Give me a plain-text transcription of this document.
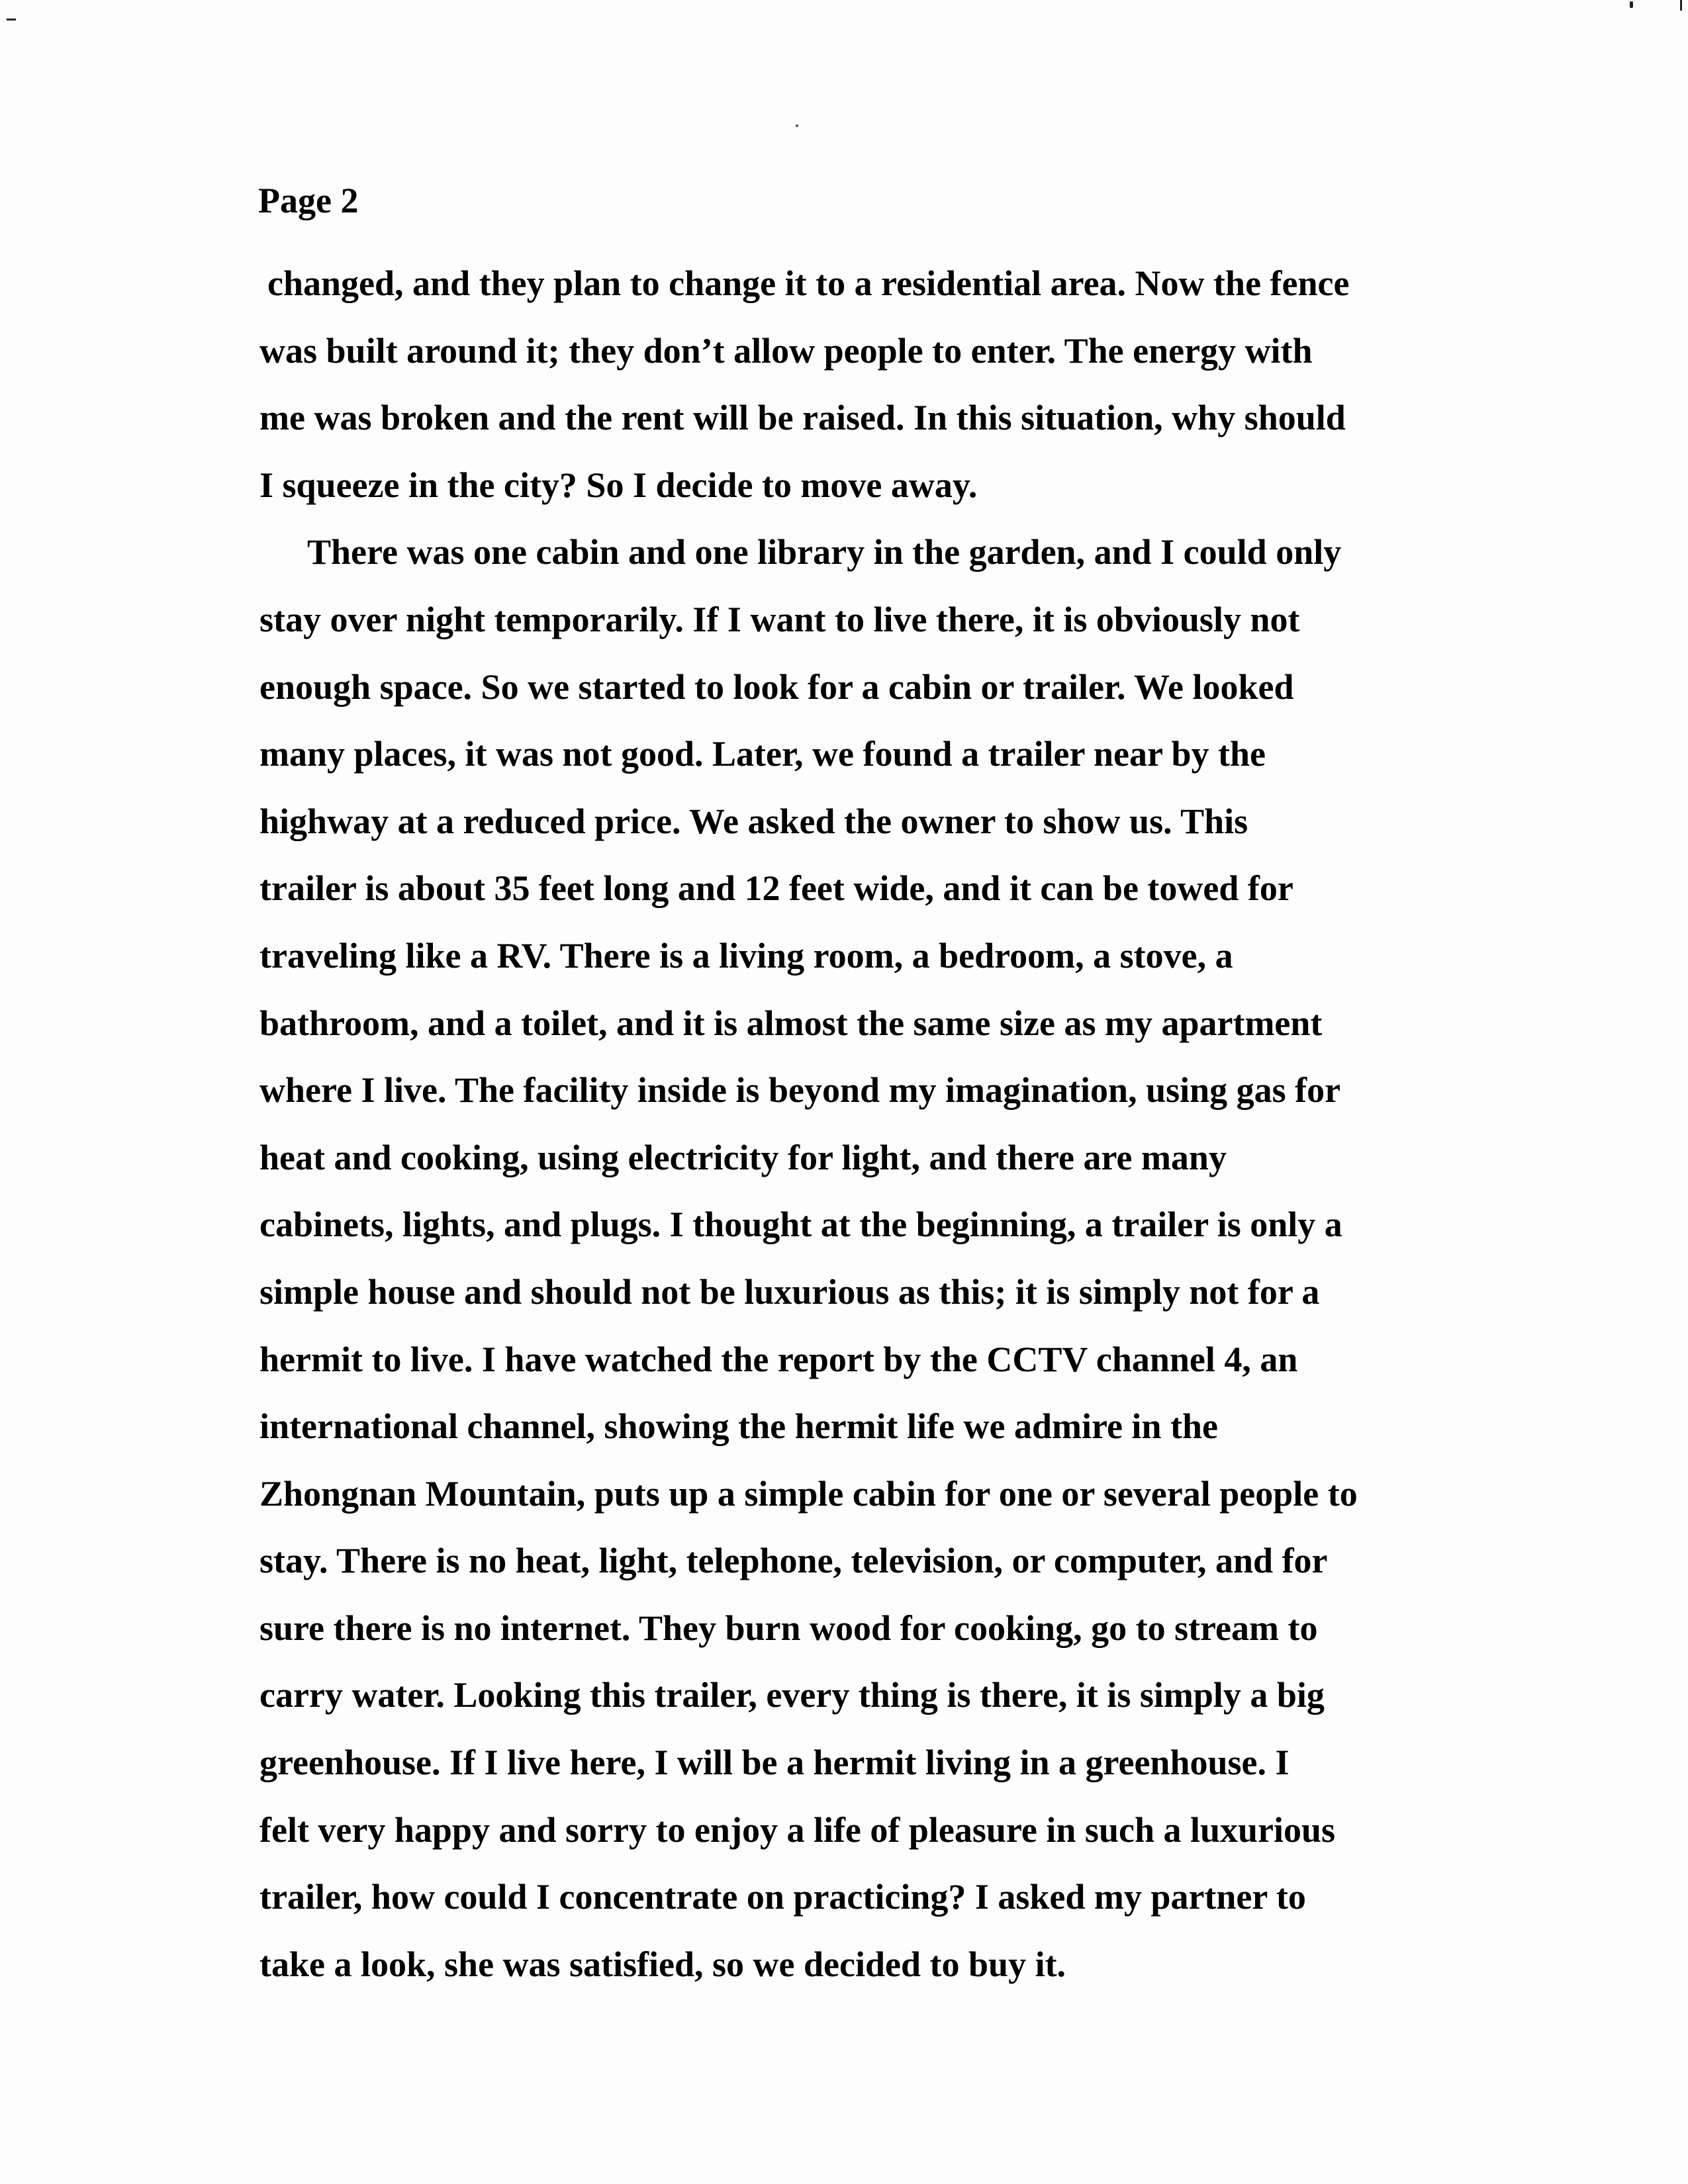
Page 2
changed, and they plan to change it to a residential area. Now the fence
was built around it; they don’t allow people to enter. The energy with
me was broken and the rent will be raised. In this situation, why should
I squeeze in the city? So I decide to move away.
There was one cabin and one library in the garden, and I could only
stay over night temporarily. If I want to live there, it is obviously not
enough space. So we started to look for a cabin or trailer. We looked
many places, it was not good. Later, we found a trailer near by the
highway at a reduced price. We asked the owner to show us. This
trailer is about 35 feet long and 12 feet wide, and it can be towed for
traveling like a RV. There is a living room, a bedroom, a stove, a
bathroom, and a toilet, and it is almost the same size as my apartment
where I live. The facility inside is beyond my imagination, using gas for
heat and cooking, using electricity for light, and there are many
cabinets, lights, and plugs. I thought at the beginning, a trailer is only a
simple house and should not be luxurious as this; it is simply not for a
hermit to live. I have watched the report by the CCTV channel 4, an
international channel, showing the hermit life we admire in the
Zhongnan Mountain, puts up a simple cabin for one or several people to
stay. There is no heat, light, telephone, television, or computer, and for
sure there is no internet. They burn wood for cooking, go to stream to
carry water. Looking this trailer, every thing is there, it is simply a big
greenhouse. If I live here, I will be a hermit living in a greenhouse. I
felt very happy and sorry to enjoy a life of pleasure in such a luxurious
trailer, how could I concentrate on practicing? I asked my partner to
take a look, she was satisfied, so we decided to buy it.
